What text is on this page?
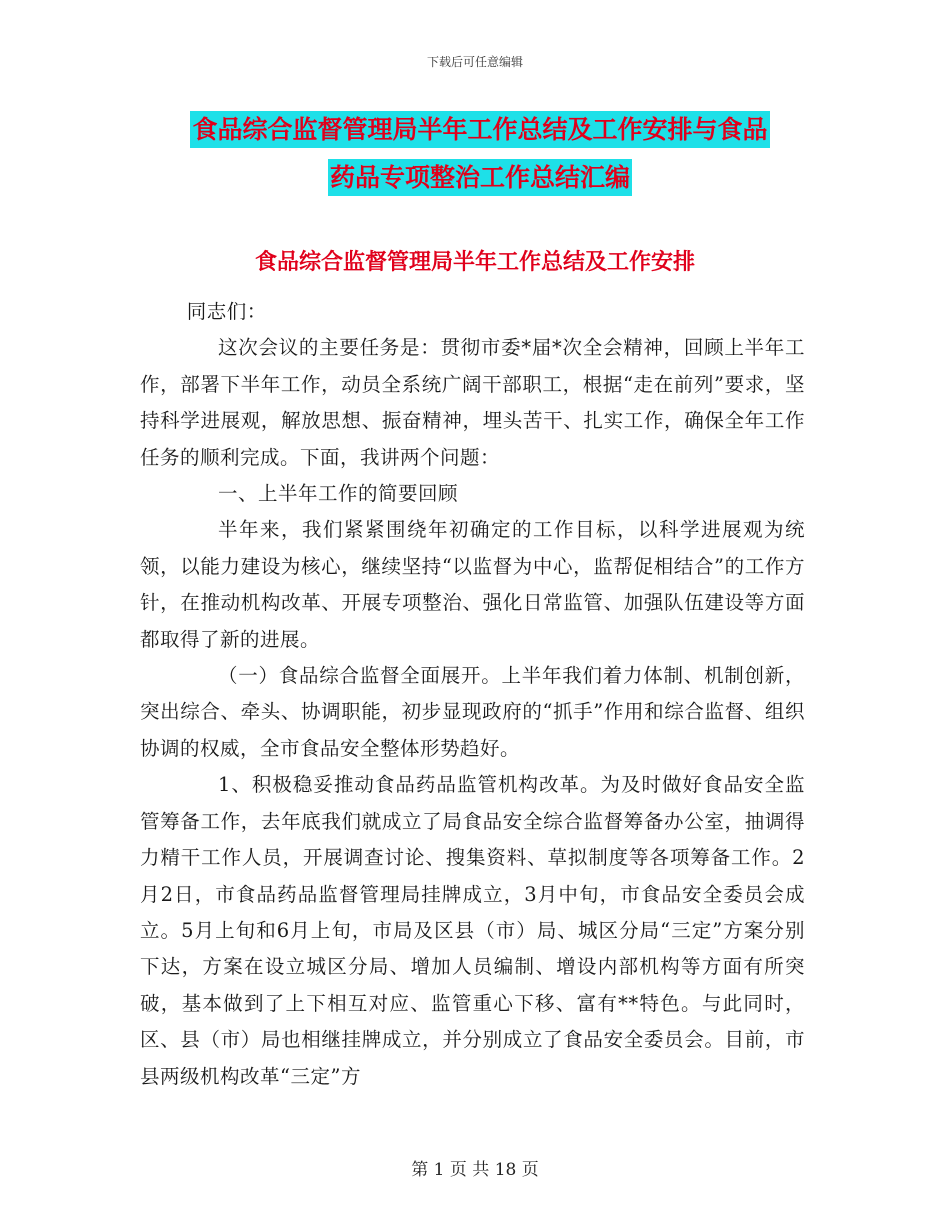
下载后可任意编辑
食品综合监督管理局半年工作总结及工作安排与食品
药品专项整治工作总结汇编
食品综合监督管理局半年工作总结及工作安排

同志们：

这次会议的主要任务是：贯彻市委*届*次全会精神，回顾上半年工作，部署下半年工作，动员全系统广阔干部职工，根据“走在前列”要求，坚持科学进展观，解放思想、振奋精神，埋头苦干、扎实工作，确保全年工作任务的顺利完成。下面，我讲两个问题：

一、上半年工作的简要回顾

半年来，我们紧紧围绕年初确定的工作目标，以科学进展观为统领，以能力建设为核心，继续坚持“以监督为中心，监帮促相结合”的工作方针，在推动机构改革、开展专项整治、强化日常监管、加强队伍建设等方面都取得了新的进展。

（一）食品综合监督全面展开。上半年我们着力体制、机制创新，突出综合、牵头、协调职能，初步显现政府的“抓手”作用和综合监督、组织协调的权威，全市食品安全整体形势趋好。

1、积极稳妥推动食品药品监管机构改革。为及时做好食品安全监管筹备工作，去年底我们就成立了局食品安全综合监督筹备办公室，抽调得力精干工作人员，开展调查讨论、搜集资料、草拟制度等各项筹备工作。2月2日，市食品药品监督管理局挂牌成立，3月中旬，市食品安全委员会成立。5月上旬和6月上旬，市局及区县（市）局、城区分局“三定”方案分别下达，方案在设立城区分局、增加人员编制、增设内部机构等方面有所突破，基本做到了上下相互对应、监管重心下移、富有**特色。与此同时，区、县（市）局也相继挂牌成立，并分别成立了食品安全委员会。目前，市县两级机构改革“三定”方

第 1 页 共 18 页
